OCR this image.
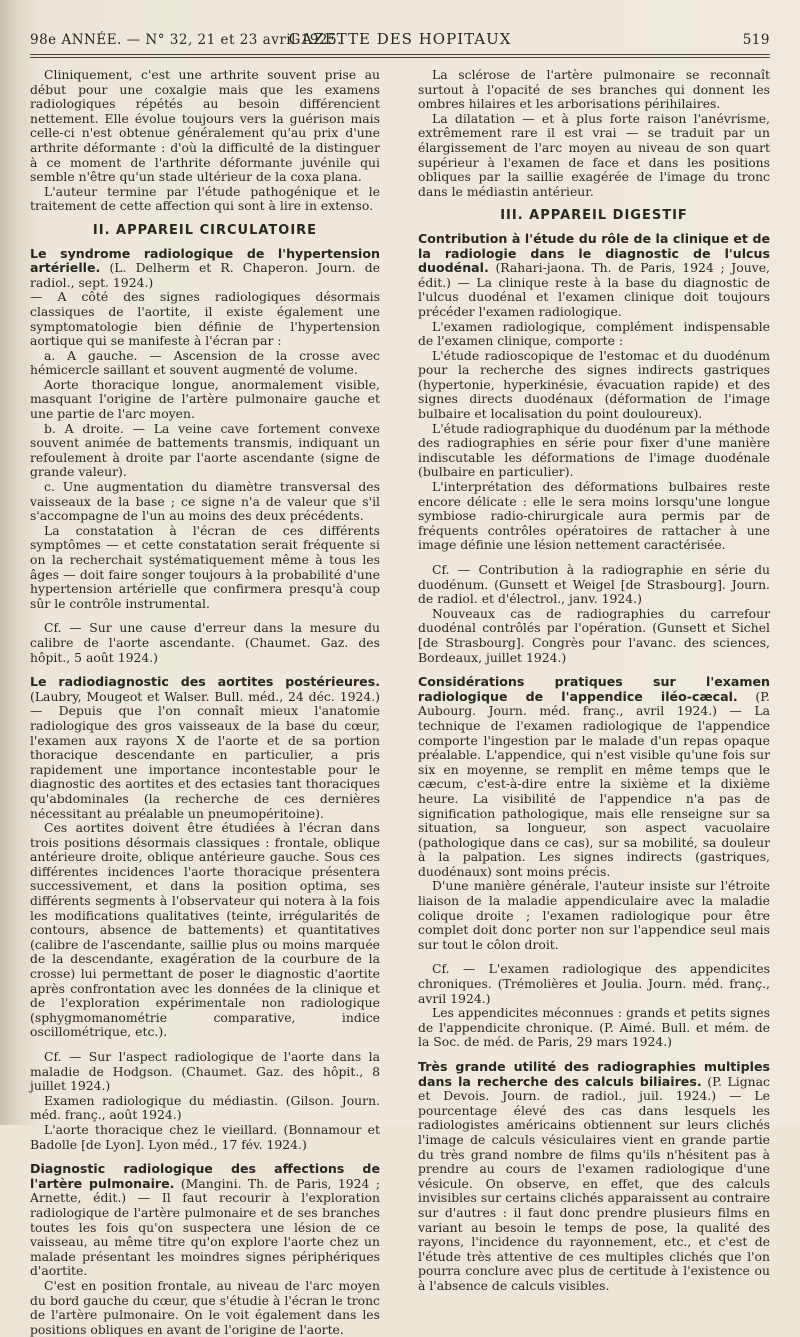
98e ANNÉE. — N° 32, 21 et 23 avril 1925.
GAZETTE DES HOPITAUX	519

Cliniquement, c'est une arthrite souvent prise au début pour une coxalgie mais que les examens radiologiques répétés au besoin différencient nettement. Elle évolue toujours vers la guérison mais celle-ci n'est obtenue généralement qu'au prix d'une arthrite déformante : d'où la difficulté de la distinguer à ce moment de l'arthrite déformante juvénile qui semble n'être qu'un stade ultérieur de la coxa plana.

L'auteur termine par l'étude pathogénique et le traitement de cette affection qui sont à lire in extenso.

II. APPAREIL CIRCULATOIRE

Le syndrome radiologique de l'hypertension artérielle. (L. Delherm et R. Chaperon. Journ. de radiol., sept. 1924.)

— A côté des signes radiologiques désormais classiques de l'aortite, il existe également une symptomatologie bien définie de l'hypertension aortique qui se manifeste à l'écran par :

a. A gauche. — Ascension de la crosse avec hémicercle saillant et souvent augmenté de volume.

Aorte thoracique longue, anormalement visible, masquant l'origine de l'artère pulmonaire gauche et une partie de l'arc moyen.

b. A droite. — La veine cave fortement convexe souvent animée de battements transmis, indiquant un refoulement à droite par l'aorte ascendante (signe de grande valeur).

c. Une augmentation du diamètre transversal des vaisseaux de la base ; ce signe n'a de valeur que s'il s'accompagne de l'un au moins des deux précédents.

La constatation à l'écran de ces différents symptômes — et cette constatation serait fréquente si on la recherchait systématiquement même à tous les âges — doit faire songer toujours à la probabilité d'une hypertension artérielle que confirmera presqu'à coup sûr le contrôle instrumental.

Cf. — Sur une cause d'erreur dans la mesure du calibre de l'aorte ascendante. (Chaumet. Gaz. des hôpit., 5 août 1924.)

Le radiodiagnostic des aortites postérieures. (Laubry, Mougeot et Walser. Bull. méd., 24 déc. 1924.) — Depuis que l'on connaît mieux l'anatomie radiologique des gros vaisseaux de la base du cœur, l'examen aux rayons X de l'aorte et de sa portion thoracique descendante en particulier, a pris rapidement une importance incontestable pour le diagnostic des aortites et des ectasies tant thoraciques qu'abdominales (la recherche de ces dernières nécessitant au préalable un pneumopéritoine).

Ces aortites doivent être étudiées à l'écran dans trois positions désormais classiques : frontale, oblique antérieure droite, oblique antérieure gauche. Sous ces différentes incidences l'aorte thoracique présentera successivement, et dans la position optima, ses différents segments à l'observateur qui notera à la fois les modifications qualitatives (teinte, irrégularités de contours, absence de battements) et quantitatives (calibre de l'ascendante, saillie plus ou moins marquée de la descendante, exagération de la courbure de la crosse) lui permettant de poser le diagnostic d'aortite après confrontation avec les données de la clinique et de l'exploration expérimentale non radiologique (sphygmomanométrie comparative, indice oscillométrique, etc.).

Cf. — Sur l'aspect radiologique de l'aorte dans la maladie de Hodgson. (Chaumet. Gaz. des hôpit., 8 juillet 1924.)

Examen radiologique du médiastin. (Gilson. Journ. méd. franç., août 1924.)

L'aorte thoracique chez le vieillard. (Bonnamour et Badolle [de Lyon]. Lyon méd., 17 fév. 1924.)

Diagnostic radiologique des affections de l'artère pulmonaire. (Mangini. Th. de Paris, 1924 ; Arnette, édit.) — Il faut recourir à l'exploration radiologique de l'artère pulmonaire et de ses branches toutes les fois qu'on suspectera une lésion de ce vaisseau, au même titre qu'on explore l'aorte chez un malade présentant les moindres signes périphériques d'aortite.

C'est en position frontale, au niveau de l'arc moyen du bord gauche du cœur, que s'étudie à l'écran le tronc de l'artère pulmonaire. On le voit également dans les positions obliques en avant de l'origine de l'aorte.

La sclérose de l'artère pulmonaire se reconnaît surtout à l'opacité de ses branches qui donnent les ombres hilaires et les arborisations périhilaires.

La dilatation — et à plus forte raison l'anévrisme, extrêmement rare il est vrai — se traduit par un élargissement de l'arc moyen au niveau de son quart supérieur à l'examen de face et dans les positions obliques par la saillie exagérée de l'image du tronc dans le médiastin antérieur.

III. APPAREIL DIGESTIF

Contribution à l'étude du rôle de la clinique et de la radiologie dans le diagnostic de l'ulcus duodénal. (Rahari-jaona. Th. de Paris, 1924 ; Jouve, édit.) — La clinique reste à la base du diagnostic de l'ulcus duodénal et l'examen clinique doit toujours précéder l'examen radiologique.

L'examen radiologique, complément indispensable de l'examen clinique, comporte :

L'étude radioscopique de l'estomac et du duodénum pour la recherche des signes indirects gastriques (hypertonie, hyperkinésie, évacuation rapide) et des signes directs duodénaux (déformation de l'image bulbaire et localisation du point douloureux).

L'étude radiographique du duodénum par la méthode des radiographies en série pour fixer d'une manière indiscutable les déformations de l'image duodénale (bulbaire en particulier).

L'interprétation des déformations bulbaires reste encore délicate : elle le sera moins lorsqu'une longue symbiose radio-chirurgicale aura permis par de fréquents contrôles opératoires de rattacher à une image définie une lésion nettement caractérisée.

Cf. — Contribution à la radiographie en série du duodénum. (Gunsett et Weigel [de Strasbourg]. Journ. de radiol. et d'électrol., janv. 1924.)

Nouveaux cas de radiographies du carrefour duodénal contrôlés par l'opération. (Gunsett et Sichel [de Strasbourg]. Congrès pour l'avanc. des sciences, Bordeaux, juillet 1924.)

Considérations pratiques sur l'examen radiologique de l'appendice iléo-cæcal. (P. Aubourg. Journ. méd. franç., avril 1924.) — La technique de l'examen radiologique de l'appendice comporte l'ingestion par le malade d'un repas opaque préalable. L'appendice, qui n'est visible qu'une fois sur six en moyenne, se remplit en même temps que le cæcum, c'est-à-dire entre la sixième et la dixième heure. La visibilité de l'appendice n'a pas de signification pathologique, mais elle renseigne sur sa situation, sa longueur, son aspect vacuolaire (pathologique dans ce cas), sur sa mobilité, sa douleur à la palpation. Les signes indirects (gastriques, duodénaux) sont moins précis.

D'une manière générale, l'auteur insiste sur l'étroite liaison de la maladie appendiculaire avec la maladie colique droite ; l'examen radiologique pour être complet doit donc porter non sur l'appendice seul mais sur tout le côlon droit.

Cf. — L'examen radiologique des appendicites chroniques. (Trémolières et Joulia. Journ. méd. franç., avril 1924.)

Les appendicites méconnues : grands et petits signes de l'appendicite chronique. (P. Aimé. Bull. et mém. de la Soc. de méd. de Paris, 29 mars 1924.)

Très grande utilité des radiographies multiples dans la recherche des calculs biliaires. (P. Lignac et Devois. Journ. de radiol., juil. 1924.) — Le pourcentage élevé des cas dans lesquels les radiologistes américains obtiennent sur leurs clichés l'image de calculs vésiculaires vient en grande partie du très grand nombre de films qu'ils n'hésitent pas à prendre au cours de l'examen radiologique d'une vésicule. On observe, en effet, que des calculs invisibles sur certains clichés apparaissent au contraire sur d'autres : il faut donc prendre plusieurs films en variant au besoin le temps de pose, la qualité des rayons, l'incidence du rayonnement, etc., et c'est de l'étude très attentive de ces multiples clichés que l'on pourra conclure avec plus de certitude à l'existence ou à l'absence de calculs visibles.
